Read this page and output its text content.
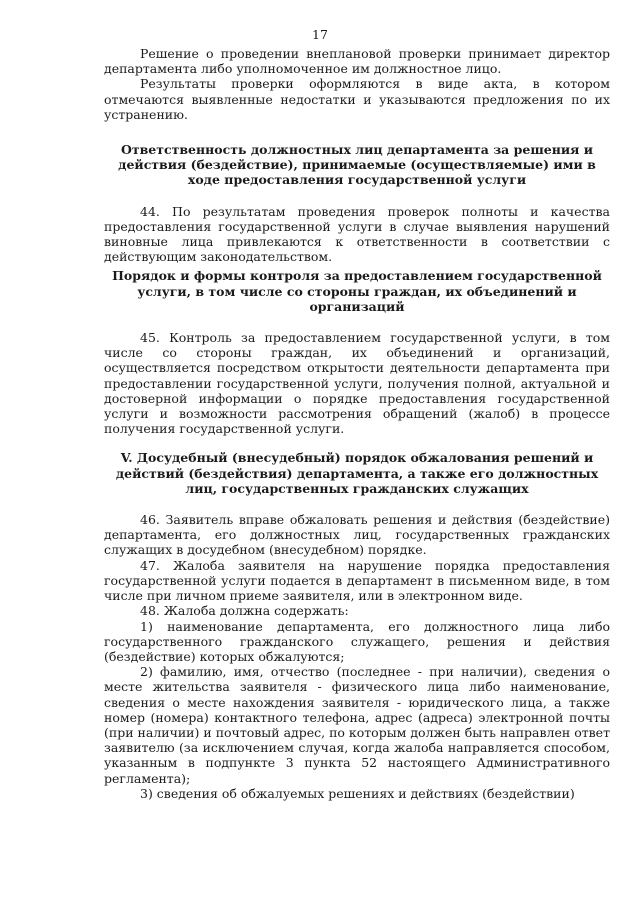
17

Решение о проведении внеплановой проверки принимает директор департамента либо уполномоченное им должностное лицо.

Результаты проверки оформляются в виде акта, в котором отмечаются выявленные недостатки и указываются предложения по их устранению.

Ответственность должностных лиц департамента за решения и действия (бездействие), принимаемые (осуществляемые) ими в ходе предоставления государственной услуги

44. По результатам проведения проверок полноты и качества предоставления государственной услуги в случае выявления нарушений виновные лица привлекаются к ответственности в соответствии с действующим законодательством.

Порядок и формы контроля за предоставлением государственной услуги, в том числе со стороны граждан, их объединений и организаций

45. Контроль за предоставлением государственной услуги, в том числе со стороны граждан, их объединений и организаций, осуществляется посредством открытости деятельности департамента при предоставлении государственной услуги, получения полной, актуальной и достоверной информации о порядке предоставления государственной услуги и возможности рассмотрения обращений (жалоб) в процессе получения государственной услуги.

V. Досудебный (внесудебный) порядок обжалования решений и действий (бездействия) департамента, а также его должностных лиц, государственных гражданских служащих

46. Заявитель вправе обжаловать решения и действия (бездействие) департамента, его должностных лиц, государственных гражданских служащих в досудебном (внесудебном) порядке.

47. Жалоба заявителя на нарушение порядка предоставления государственной услуги подается в департамент в письменном виде, в том числе при личном приеме заявителя, или в электронном виде.

48. Жалоба должна содержать:

1) наименование департамента, его должностного лица либо государственного гражданского служащего, решения и действия (бездействие) которых обжалуются;

2) фамилию, имя, отчество (последнее - при наличии), сведения о месте жительства заявителя - физического лица либо наименование, сведения о месте нахождения заявителя - юридического лица, а также номер (номера) контактного телефона, адрес (адреса) электронной почты (при наличии) и почтовый адрес, по которым должен быть направлен ответ заявителю (за исключением случая, когда жалоба направляется способом, указанным в подпункте 3 пункта 52 настоящего Административного регламента);

3) сведения об обжалуемых решениях и действиях (бездействии)
